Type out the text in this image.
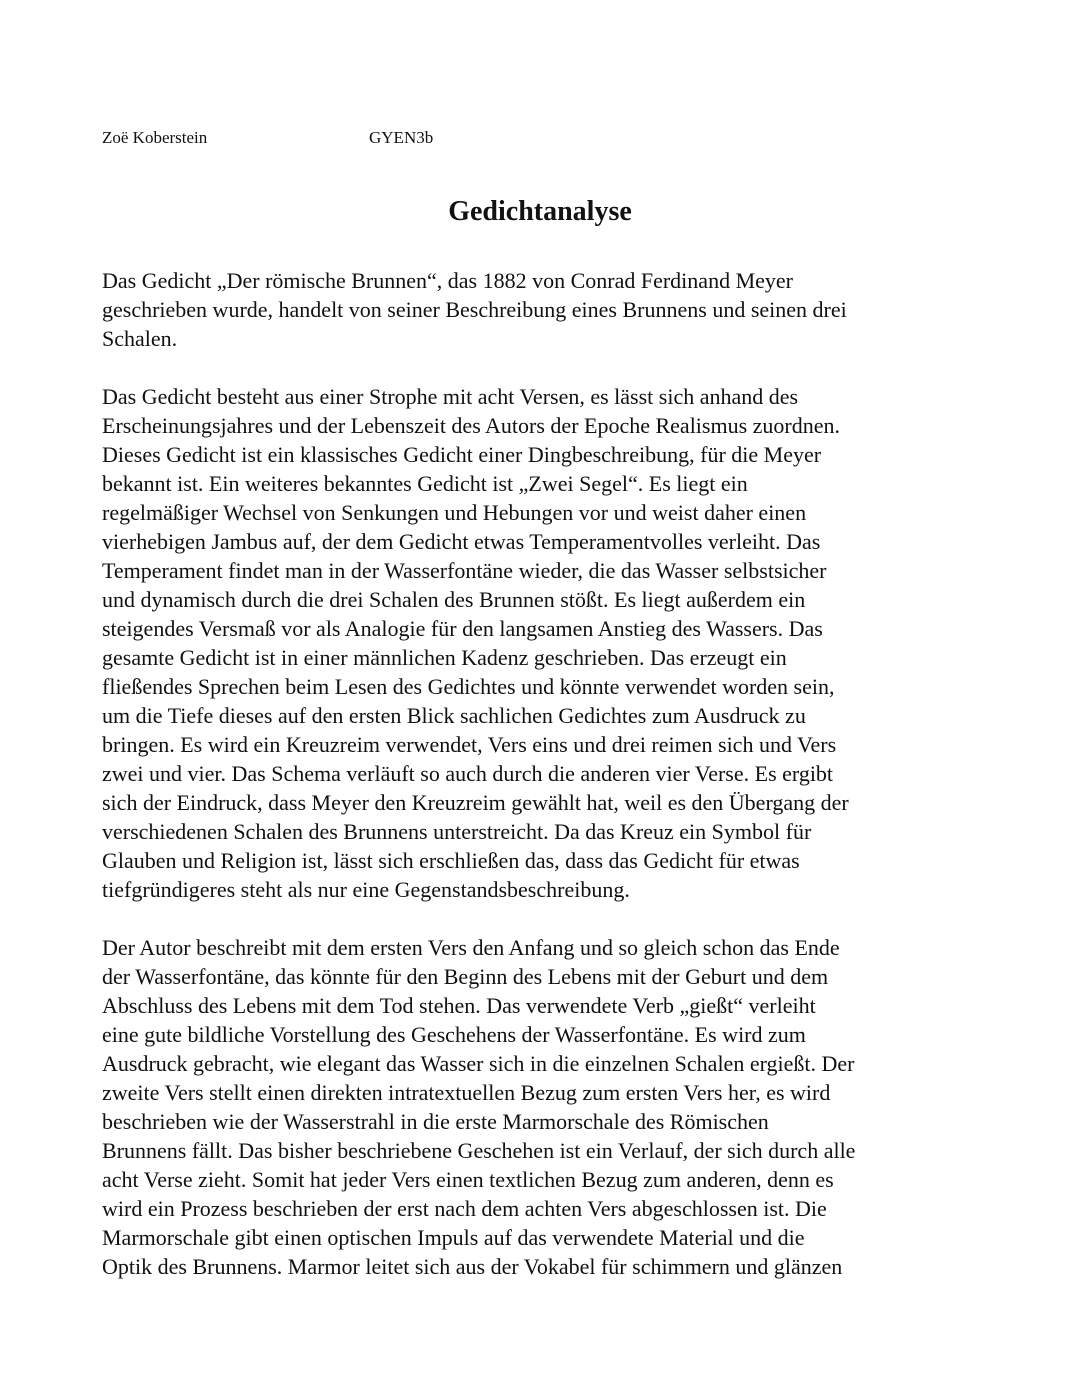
Zoë Koberstein	GYEN3b
Gedichtanalyse

Das Gedicht „Der römische Brunnen“, das 1882 von Conrad Ferdinand Meyer
geschrieben wurde, handelt von seiner Beschreibung eines Brunnens und seinen drei
Schalen.

Das Gedicht besteht aus einer Strophe mit acht Versen, es lässt sich anhand des
Erscheinungsjahres und der Lebenszeit des Autors der Epoche Realismus zuordnen.
Dieses Gedicht ist ein klassisches Gedicht einer Dingbeschreibung, für die Meyer
bekannt ist. Ein weiteres bekanntes Gedicht ist „Zwei Segel“. Es liegt ein
regelmäßiger Wechsel von Senkungen und Hebungen vor und weist daher einen
vierhebigen Jambus auf, der dem Gedicht etwas Temperamentvolles verleiht. Das
Temperament findet man in der Wasserfontäne wieder, die das Wasser selbstsicher
und dynamisch durch die drei Schalen des Brunnen stößt. Es liegt außerdem ein
steigendes Versmaß vor als Analogie für den langsamen Anstieg des Wassers. Das
gesamte Gedicht ist in einer männlichen Kadenz geschrieben. Das erzeugt ein
fließendes Sprechen beim Lesen des Gedichtes und könnte verwendet worden sein,
um die Tiefe dieses auf den ersten Blick sachlichen Gedichtes zum Ausdruck zu
bringen. Es wird ein Kreuzreim verwendet, Vers eins und drei reimen sich und Vers
zwei und vier. Das Schema verläuft so auch durch die anderen vier Verse. Es ergibt
sich der Eindruck, dass Meyer den Kreuzreim gewählt hat, weil es den Übergang der
verschiedenen Schalen des Brunnens unterstreicht. Da das Kreuz ein Symbol für
Glauben und Religion ist, lässt sich erschließen das, dass das Gedicht für etwas
tiefgründigeres steht als nur eine Gegenstandsbeschreibung.

Der Autor beschreibt mit dem ersten Vers den Anfang und so gleich schon das Ende
der Wasserfontäne, das könnte für den Beginn des Lebens mit der Geburt und dem
Abschluss des Lebens mit dem Tod stehen. Das verwendete Verb „gießt“ verleiht
eine gute bildliche Vorstellung des Geschehens der Wasserfontäne. Es wird zum
Ausdruck gebracht, wie elegant das Wasser sich in die einzelnen Schalen ergießt. Der
zweite Vers stellt einen direkten intratextuellen Bezug zum ersten Vers her, es wird
beschrieben wie der Wasserstrahl in die erste Marmorschale des Römischen
Brunnens fällt. Das bisher beschriebene Geschehen ist ein Verlauf, der sich durch alle
acht Verse zieht. Somit hat jeder Vers einen textlichen Bezug zum anderen, denn es
wird ein Prozess beschrieben der erst nach dem achten Vers abgeschlossen ist. Die
Marmorschale gibt einen optischen Impuls auf das verwendete Material und die
Optik des Brunnens. Marmor leitet sich aus der Vokabel für schimmern und glänzen
